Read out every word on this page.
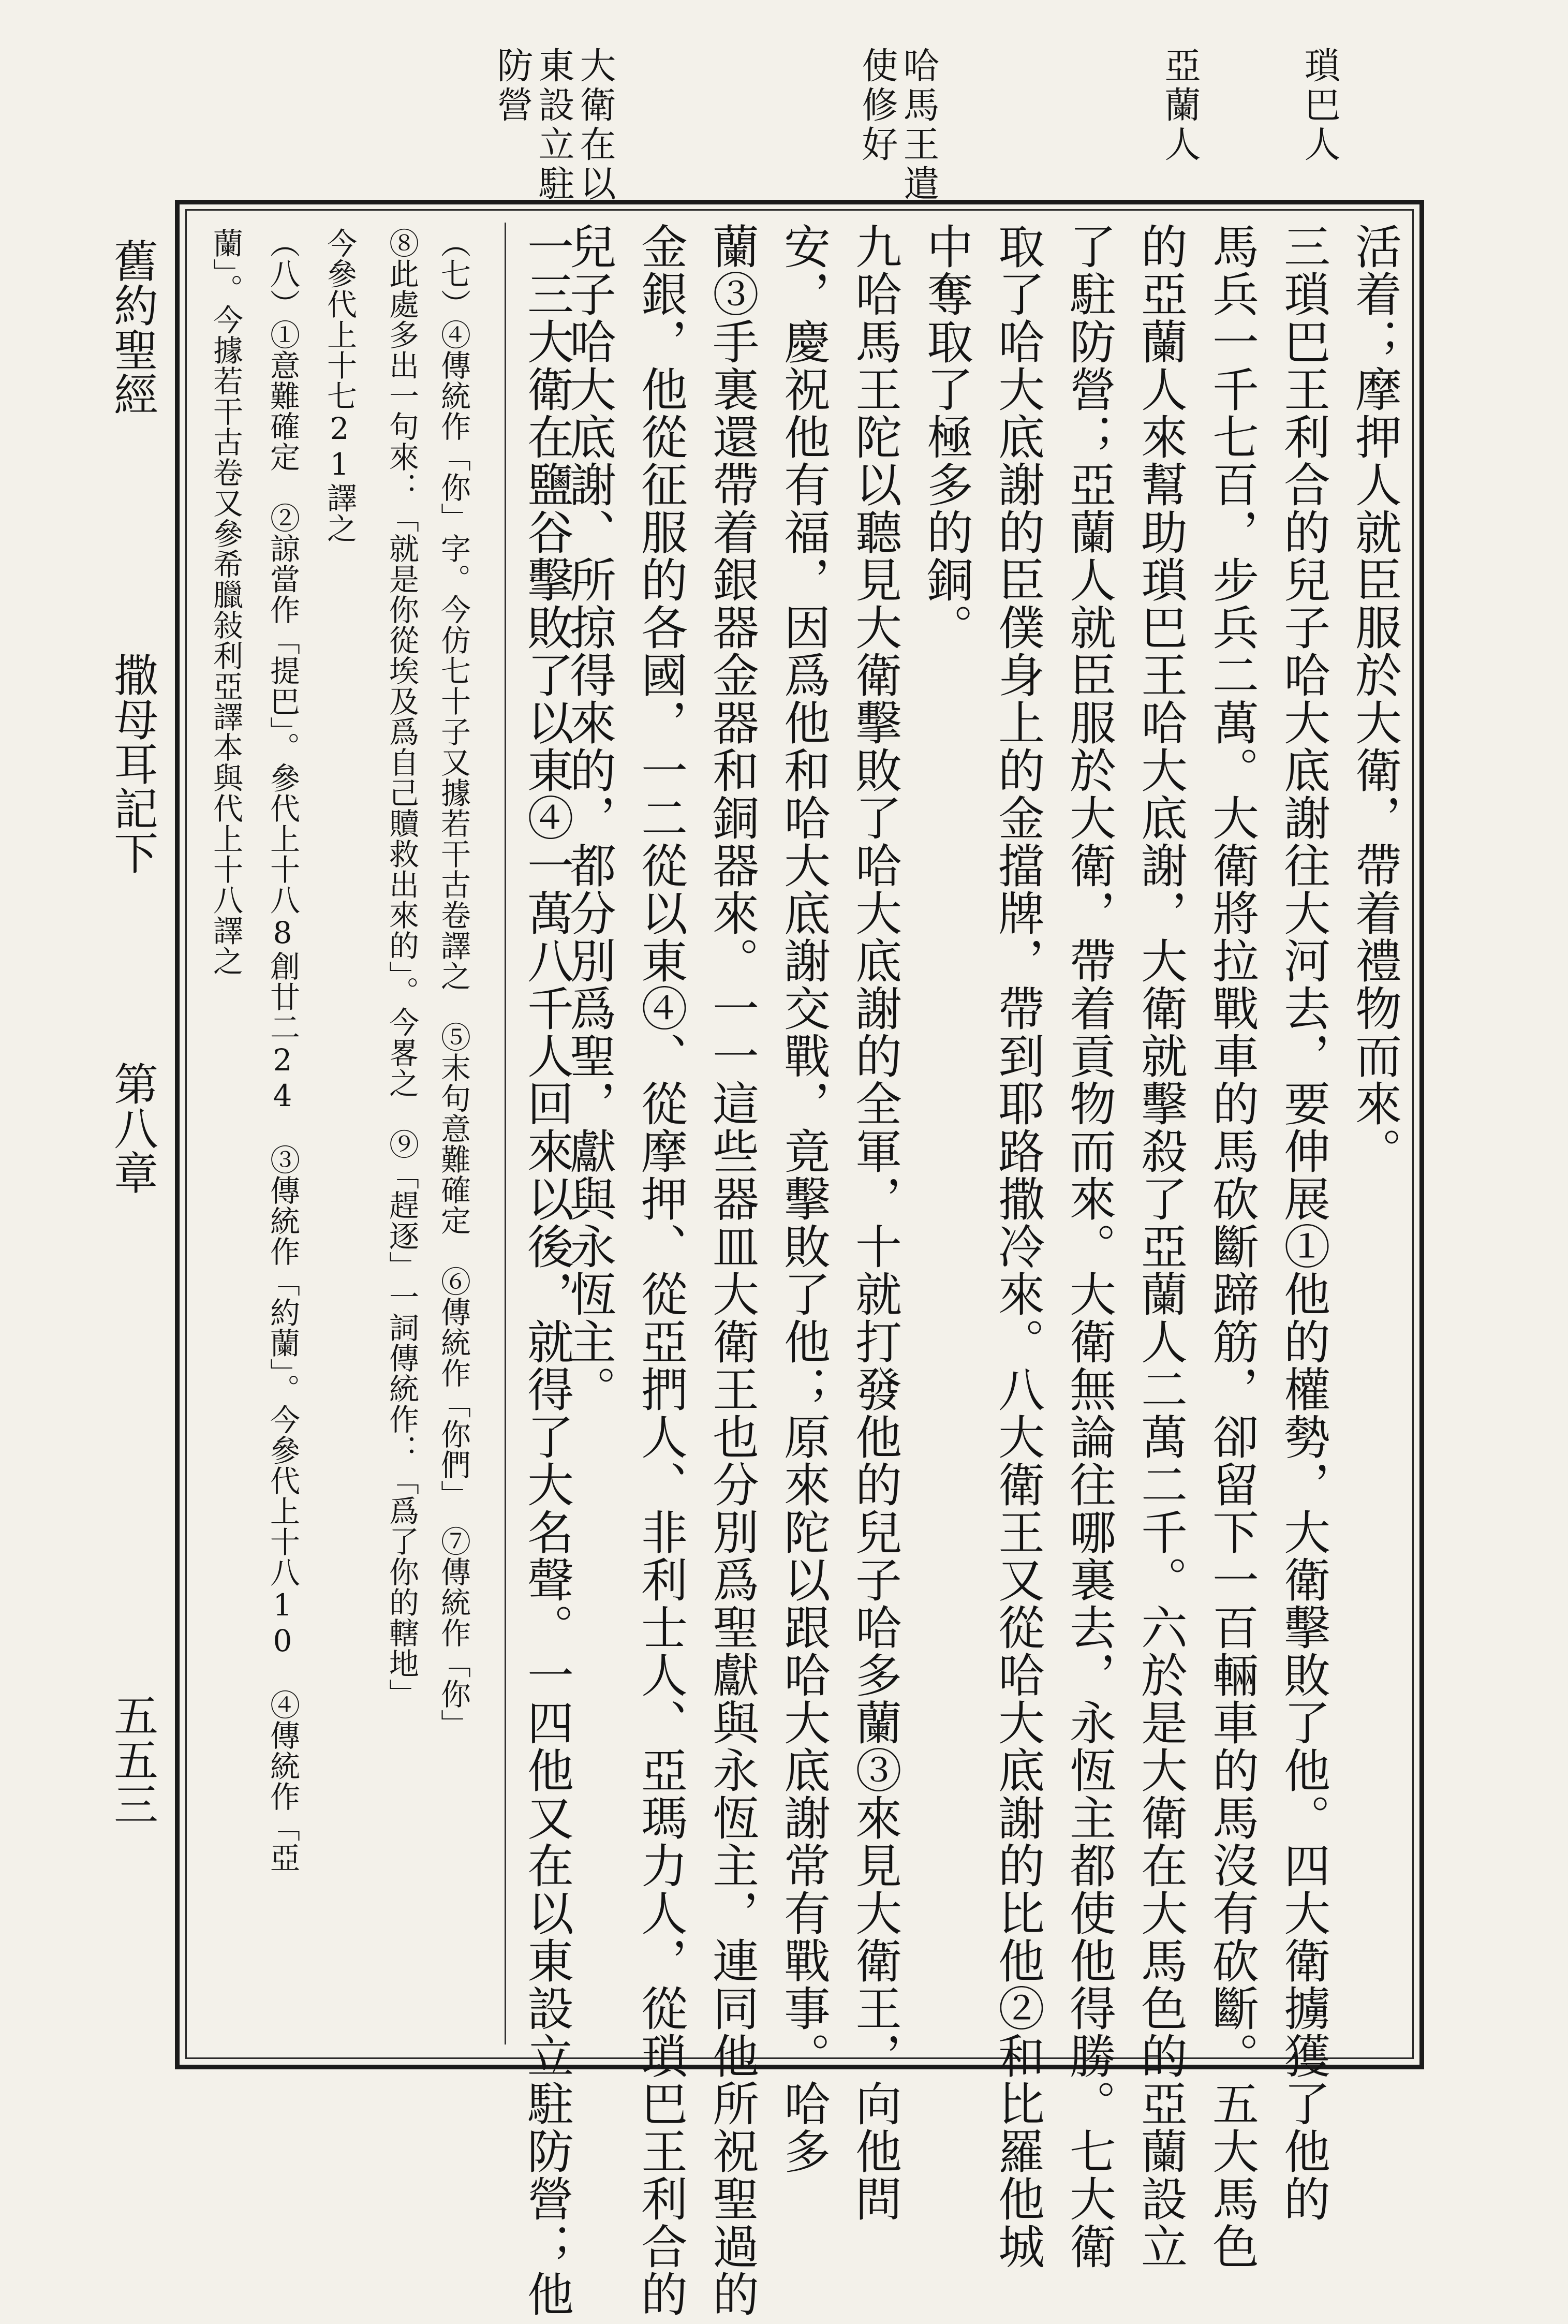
瑣巴人
亞蘭人
哈馬王遣
使修好
大衛在以
東設立駐
防營
活着；摩押人就臣服於大衛，帶着禮物而來。
三瑣巴王利合的兒子哈大底謝往大河去，要伸展①他的權勢，大衛擊敗了他。四大衛擄獲了他的
馬兵一千七百，步兵二萬。大衛將拉戰車的馬砍斷蹄筋，卻留下一百輛車的馬沒有砍斷。五大馬色
的亞蘭人來幫助瑣巴王哈大底謝，大衛就擊殺了亞蘭人二萬二千。六於是大衛在大馬色的亞蘭設立
了駐防營；亞蘭人就臣服於大衛，帶着貢物而來。大衛無論往哪裏去，永恆主都使他得勝。七大衛
取了哈大底謝的臣僕身上的金擋牌，帶到耶路撒冷來。八大衛王又從哈大底謝的比他②和比羅他城
中奪取了極多的銅。
九哈馬王陀以聽見大衛擊敗了哈大底謝的全軍，十就打發他的兒子哈多蘭③來見大衛王，向他問
安，慶祝他有福，因爲他和哈大底謝交戰，竟擊敗了他；原來陀以跟哈大底謝常有戰事。哈多
蘭③手裏還帶着銀器金器和銅器來。一一這些器皿大衛王也分別爲聖獻與永恆主，連同他所祝聖過的
金銀，他從征服的各國，一二從以東④、從摩押、從亞捫人、非利士人、亞瑪力人，從瑣巴王利合的
兒子哈大底謝、所掠得來的，都分別爲聖，獻與永恆主。
一三大衛在鹽谷擊敗了以東④一萬八千人回來以後，就得了大名聲。一四他又在以東設立駐防營；他
（七）④傳統作「你」字。今仿七十子又據若干古卷譯之　⑤末句意難確定　⑥傳統作「你們」　⑦傳統作「你」
⑧此處多出一句來：「就是你從埃及爲自己贖救出來的」。今畧之　⑨「趕逐」一詞傳統作：「爲了你的轄地」
今參代上十七21譯之
（八）①意難確定　②諒當作「提巴」。參代上十八8創廿二24　③傳統作「約蘭」。今參代上十八10　④傳統作「亞
蘭」。今據若干古卷又參希臘敍利亞譯本與代上十八譯之
舊約聖經
撒母耳記下
第八章
五五三
